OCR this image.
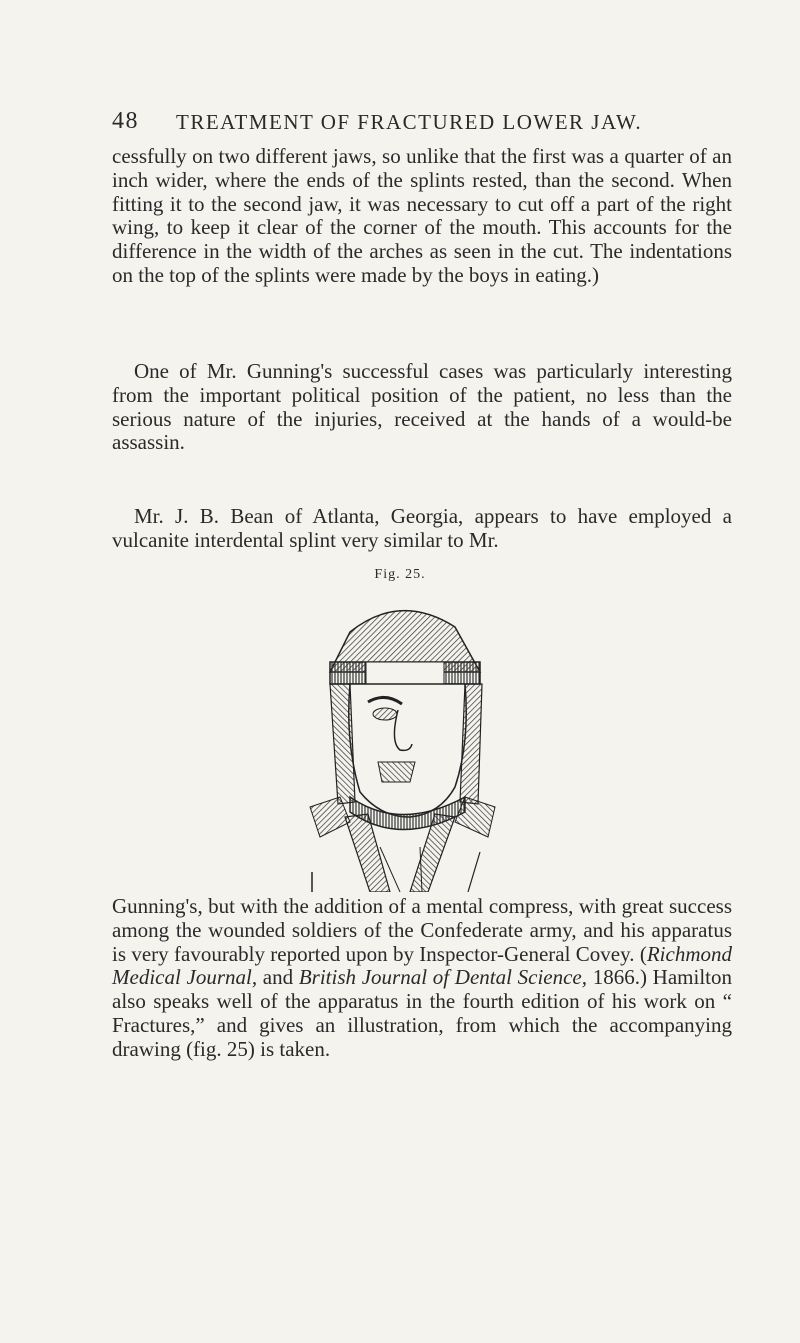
48 TREATMENT OF FRACTURED LOWER JAW.

cessfully on two different jaws, so unlike that the first was a quarter of an inch wider, where the ends of the splints rested, than the second. When fitting it to the second jaw, it was necessary to cut off a part of the right wing, to keep it clear of the corner of the mouth. This accounts for the difference in the width of the arches as seen in the cut. The indentations on the top of the splints were made by the boys in eating.)

One of Mr. Gunning's successful cases was particularly interesting from the important political position of the patient, no less than the serious nature of the injuries, received at the hands of a would-be assassin.

Mr. J. B. Bean of Atlanta, Georgia, appears to have employed a vulcanite interdental splint very similar to Mr.

Fig. 25.

Gunning's, but with the addition of a mental compress, with great success among the wounded soldiers of the Confederate army, and his apparatus is very favourably reported upon by Inspector-General Covey. (Richmond Medical Journal, and British Journal of Dental Science, 1866.) Hamilton also speaks well of the apparatus in the fourth edition of his work on “ Fractures,” and gives an illustration, from which the accompanying drawing (fig. 25) is taken.
